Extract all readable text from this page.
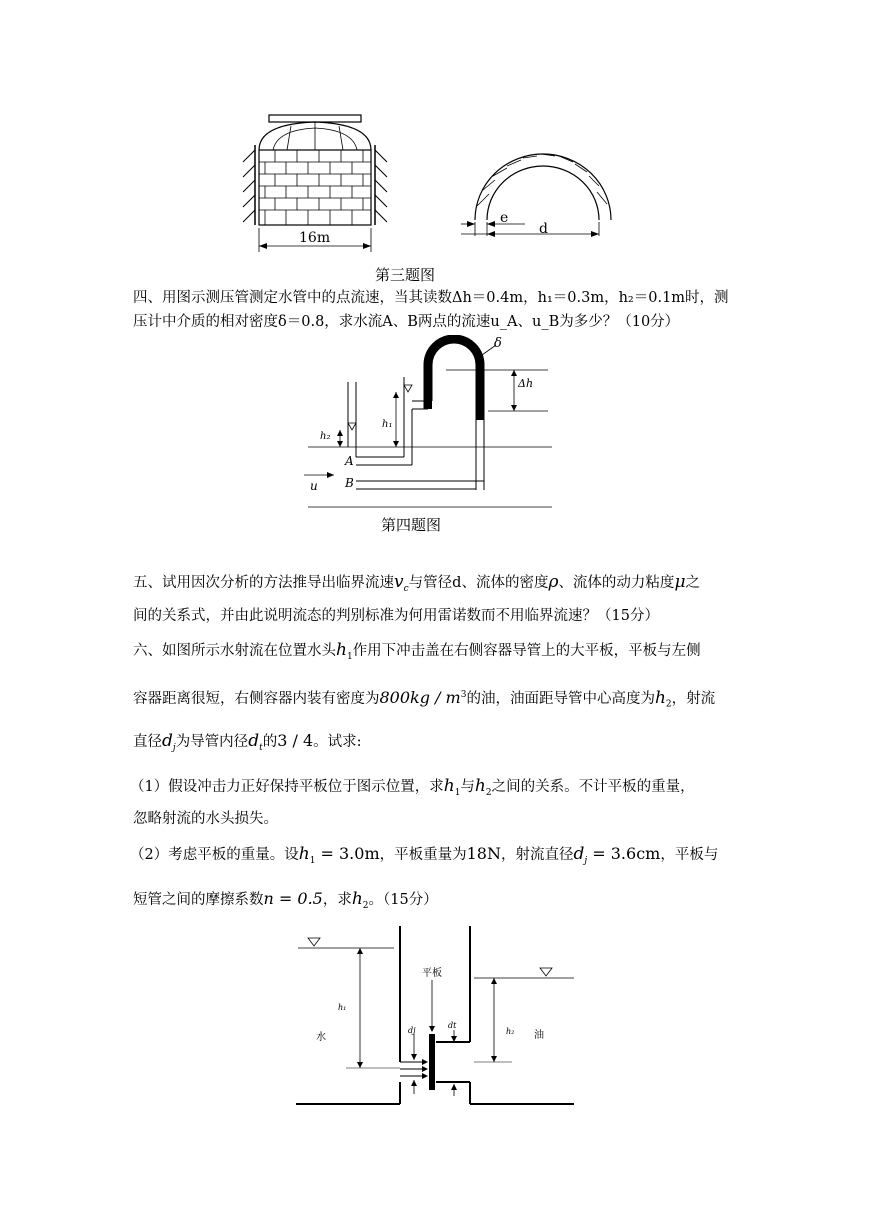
16m
e
d
第三题图
四、用图示测压管测定水管中的点流速，当其读数Δh＝0.4m，h₁＝0.3m，h₂＝0.1m时，测
压计中介质的相对密度δ＝0.8，求水流A、B两点的流速u_A、u_B为多少？（10分）
δ
Δh
h₁
h₂
A
B
u
第四题图
五、试用因次分析的方法推导出临界流速$v_c$与管径d、流体的密度ρ、流体的动力粘度μ之
间的关系式，并由此说明流态的判别标准为何用雷诺数而不用临界流速？（15分）
六、如图所示水射流在位置水头$h_1$作用下冲击盖在右侧容器导管上的大平板，平板与左侧
容器距离很短，右侧容器内装有密度为$800kg / m^3$的油，油面距导管中心高度为$h_2$，射流
直径$d_j$为导管内径$d_t$的3 / 4。试求:
（1）假设冲击力正好保持平板位于图示位置，求$h_1$与$h_2$之间的关系。不计平板的重量，
忽略射流的水头损失。
（2）考虑平板的重量。设$h_1 = 3.0m$，平板重量为18N，射流直径$d_j = 3.6cm$，平板与
短管之间的摩擦系数n = 0.5，求$h_2$。（15分）
平板
水	油
h₁
h₂
dj
dt
